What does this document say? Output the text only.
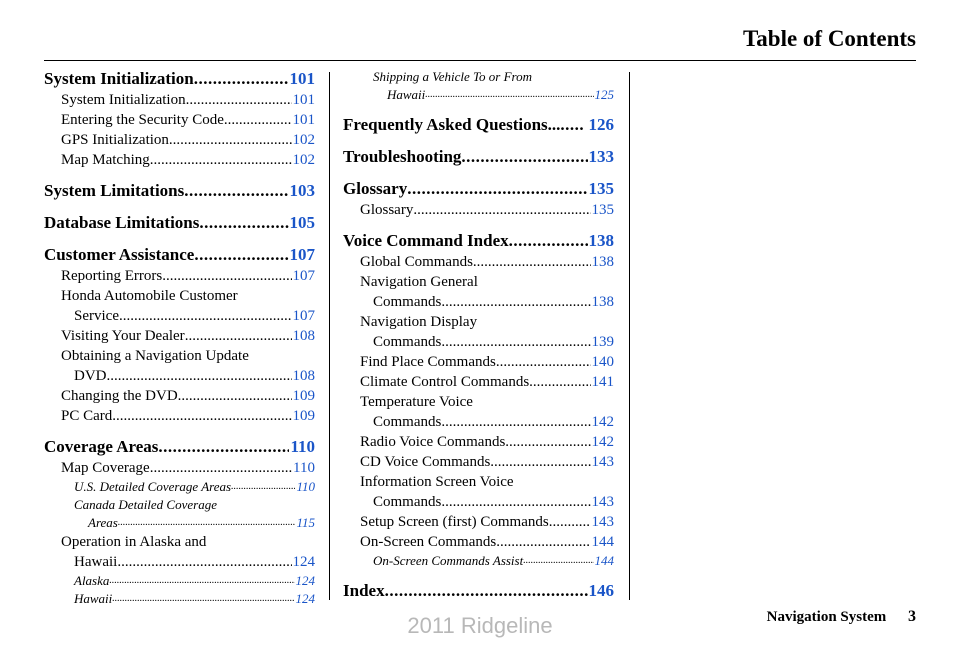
Table of Contents
System Initialization .....	101
System Initialization .....	101
Entering the Security Code .....	101
GPS Initialization .....	102
Map Matching .....	102
System Limitations .....	103
Database Limitations .....	105
Customer Assistance .....	107
Reporting Errors .....	107
Honda Automobile Customer
Service .....	107
Visiting Your Dealer .....	108
Obtaining a Navigation Update
DVD .....	108
Changing the DVD .....	109
PC Card .....	109
Coverage Areas .....	110
Map Coverage .....	110
U.S. Detailed Coverage Areas .....	110
Canada Detailed Coverage
Areas .....	115
Operation in Alaska and
Hawaii .....	124
Alaska .....	124
Hawaii .....	124
Shipping a Vehicle To or From
Hawaii .....	125
Frequently Asked Questions... .....	126
Troubleshooting .....	133
Glossary .....	135
Glossary .....	135
Voice Command Index .....	138
Global Commands .....	138
Navigation General
Commands .....	138
Navigation Display
Commands .....	139
Find Place Commands .....	140
Climate Control Commands .....	141
Temperature Voice
Commands .....	142
Radio Voice Commands .....	142
CD Voice Commands .....	143
Information Screen Voice
Commands .....	143
Setup Screen (first) Commands .....	143
On-Screen Commands .....	144
On-Screen Commands Assist .....	144
Index .....	146
Navigation System 3
2011 Ridgeline
